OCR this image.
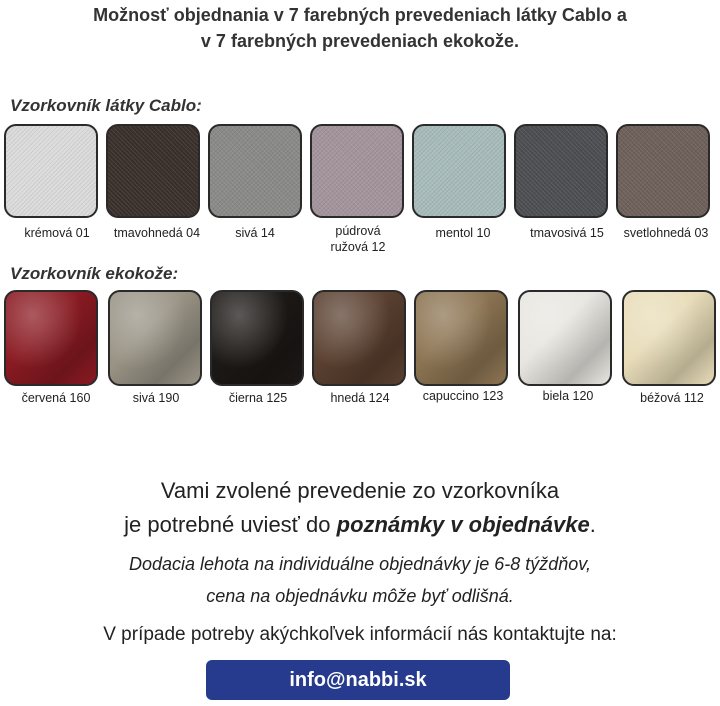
Možnosť objednania v 7 farebných prevedeniach látky Cablo a
v 7 farebných prevedeniach ekokože.
Vzorkovník látky Cablo:
krémová 01	tmavohnedá 04	sivá 14	púdrová ružová 12
mentol 10	tmavosivá 15	svetlohnedá 03
Vzorkovník ekokože:
červená 160	sivá 190	čierna 125	hnedá 124	capuccino 123	biela 120	béžová 112
Vami zvolené prevedenie zo vzorkovníka
je potrebné uviesť do poznámky v objednávke.
Dodacia lehota na individuálne objednávky je 6-8 týždňov,
cena na objednávku môže byť odlišná.
V prípade potreby akýchkoľvek informácií nás kontaktujte na:
info@nabbi.sk
